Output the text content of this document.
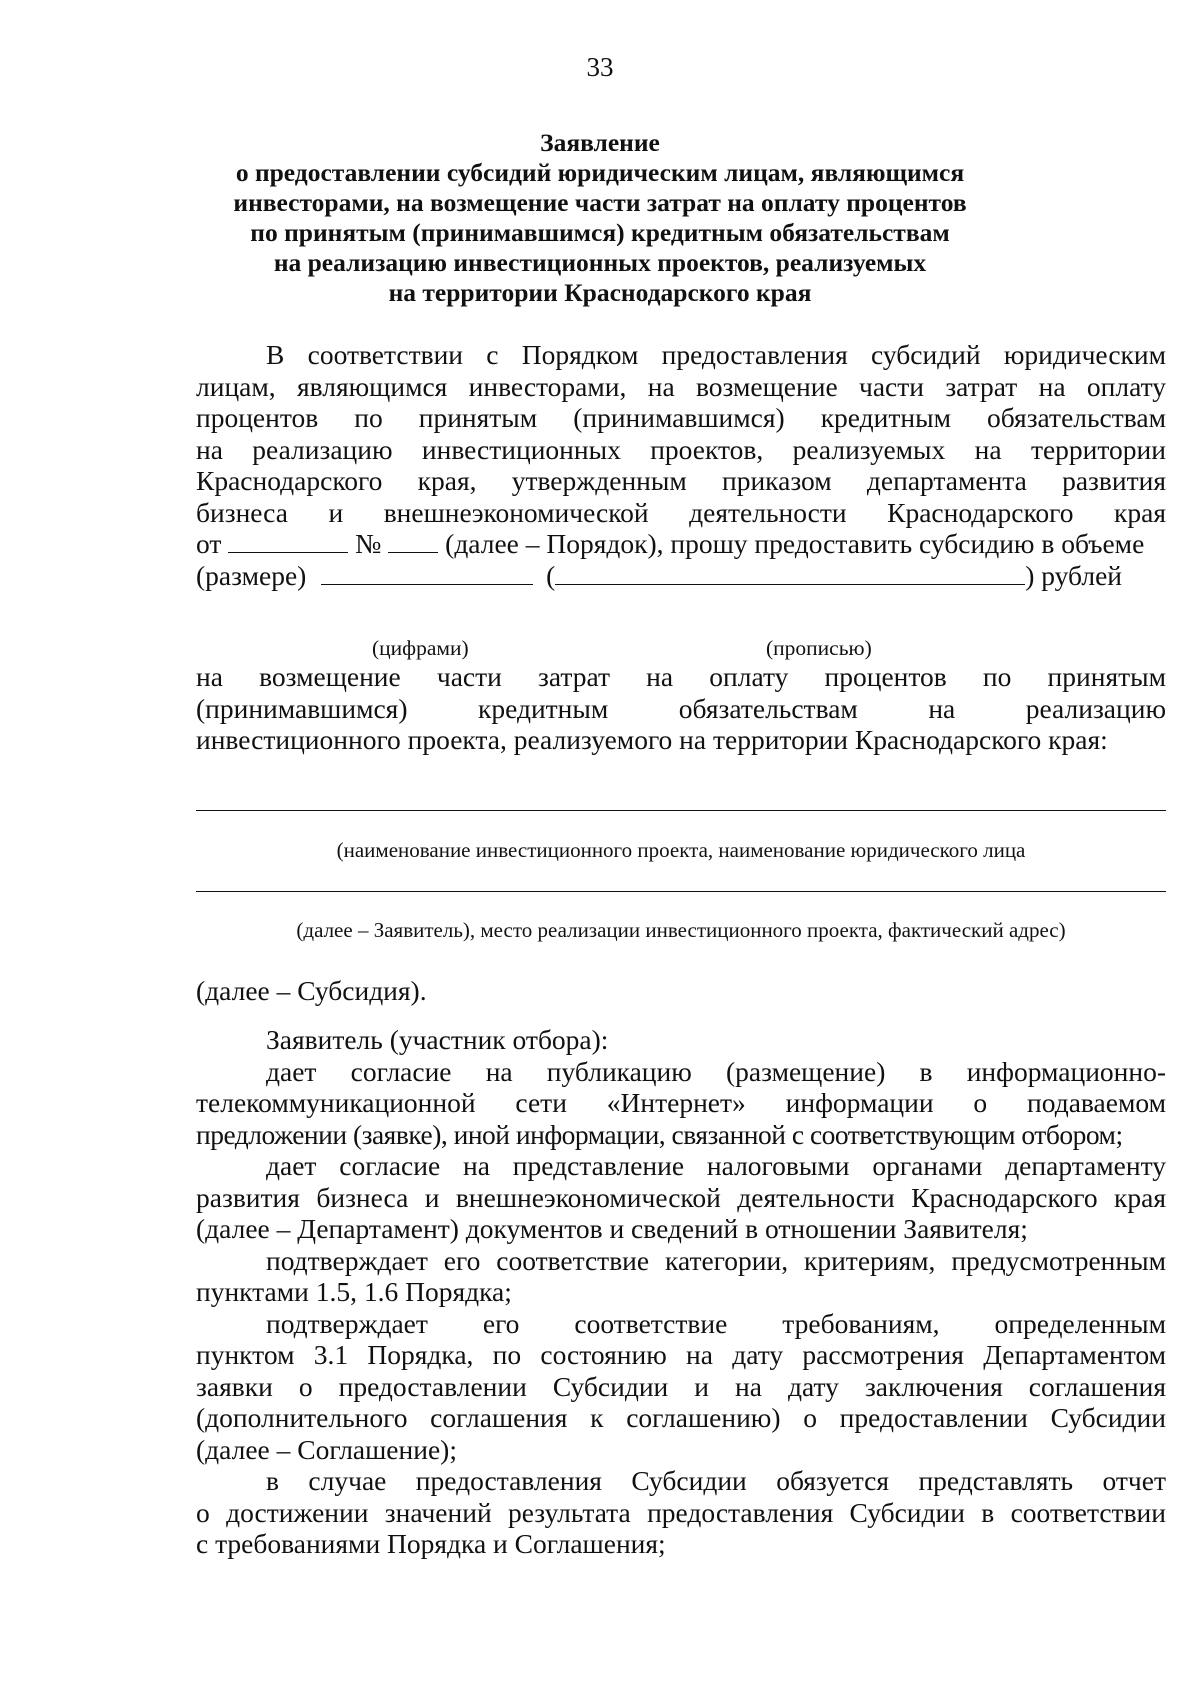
33
Заявление
о предоставлении субсидий юридическим лицам, являющимся
инвесторами, на возмещение части затрат на оплату процентов
по принятым (принимавшимся) кредитным обязательствам
на реализацию инвестиционных проектов, реализуемых
на территории Краснодарского края
В соответствии с Порядком предоставления субсидий юридическим
лицам, являющимся инвесторами, на возмещение части затрат на оплату
процентов по принятым (принимавшимся) кредитным обязательствам
на реализацию инвестиционных проектов, реализуемых на территории
Краснодарского края, утвержденным приказом департамента развития
бизнеса и внешнеэкономической деятельности Краснодарского края
от	№ (далее – Порядок), прошу предоставить субсидию в объеме
(размере)	(	) рублей
(цифрами)	(прописью)
на возмещение части затрат на оплату процентов по принятым
(принимавшимся) кредитным обязательствам на реализацию
инвестиционного проекта, реализуемого на территории Краснодарского края:
(наименование инвестиционного проекта, наименование юридического лица
(далее – Заявитель), место реализации инвестиционного проекта, фактический адрес)
(далее – Субсидия).
Заявитель (участник отбора):
дает согласие на публикацию (размещение) в информационно-
телекоммуникационной сети «Интернет» информации о подаваемом
предложении (заявке), иной информации, связанной с соответствующим отбором;
дает согласие на представление налоговыми органами департаменту
развития бизнеса и внешнеэкономической деятельности Краснодарского края
(далее – Департамент) документов и сведений в отношении Заявителя;
подтверждает его соответствие категории, критериям, предусмотренным
пунктами 1.5, 1.6 Порядка;
подтверждает его соответствие требованиям, определенным
пунктом 3.1 Порядка, по состоянию на дату рассмотрения Департаментом
заявки о предоставлении Субсидии и на дату заключения соглашения
(дополнительного соглашения к соглашению) о предоставлении Субсидии
(далее – Соглашение);
в случае предоставления Субсидии обязуется представлять отчет
о достижении значений результата предоставления Субсидии в соответствии
с требованиями Порядка и Соглашения;
